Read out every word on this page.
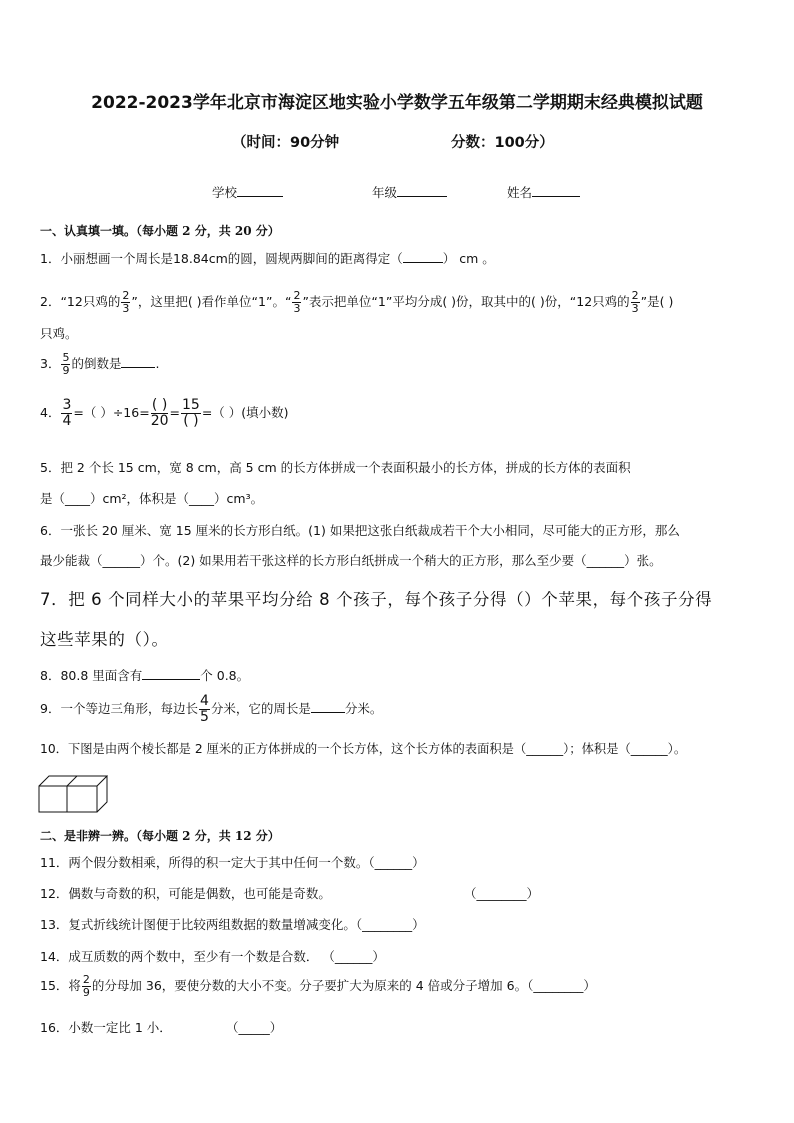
2022-2023学年北京市海淀区地实验小学数学五年级第二学期期末经典模拟试题
（时间：90分钟	分数：100分）
学校	年级	姓名
一、认真填一填。（每小题 2 分，共 20 分）
1．小丽想画一个周长是18.84cm的圆，圆规两脚间的距离得定（	） cm 。
2．“12只鸡的 $\frac{2}{3}$ ”，这里把( )看作单位“1”。“ $\frac{2}{3}$ ”表示把单位“1”平均分成( )份，取其中的( )份，“12只鸡的 $\frac{2}{3}$ ”是( )
只鸡。
3． $\frac{5}{9}$ 的倒数是	.
4． $\frac{3}{4}$ =（ ）$\div 16= \frac{( )}{20} = \frac{15}{( )}$ =（ ）(填小数)
5．把 2 个长 15 cm，宽 8 cm，高 5 cm 的长方体拼成一个表面积最小的长方体，拼成的长方体的表面积
是（____）cm²，体积是（____）cm³。
6．一张长 20 厘米、宽 15 厘米的长方形白纸。(1) 如果把这张白纸裁成若干个大小相同，尽可能大的正方形，那么
最少能裁（______）个。(2) 如果用若干张这样的长方形白纸拼成一个稍大的正方形，那么至少要（______）张。
7．把 6 个同样大小的苹果平均分给 8 个孩子，每个孩子分得（）个苹果，每个孩子分得
这些苹果的（）。
8．80.8 里面含有	个 0.8。
9．一个等边三角形，每边长 $\frac{4}{5}$ 分米，它的周长是	分米。
10．下图是由两个棱长都是 2 厘米的正方体拼成的一个长方体，这个长方体的表面积是（______）；体积是（______）。
二、是非辨一辨。（每小题 2 分，共 12 分）
11．两个假分数相乘，所得的积一定大于其中任何一个数。（______）
12．偶数与奇数的积，可能是偶数，也可能是奇数。	（________）
13．复式折线统计图便于比较两组数据的数量增减变化。（________）
14．成互质数的两个数中，至少有一个数是合数． （______）
15．将 $\frac{2}{9}$ 的分母加 36，要使分数的大小不变。分子要扩大为原来的 4 倍或分子增加 6。（________）
16．小数一定比 1 小．	（_____）
